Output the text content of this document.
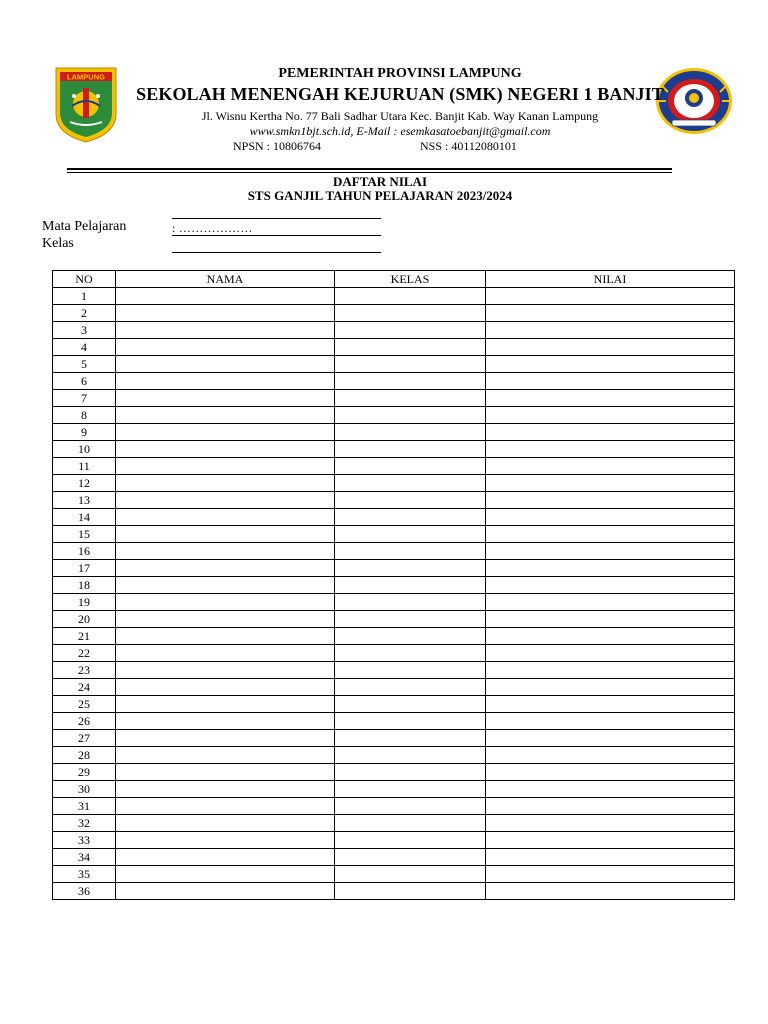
LAMPUNG	PEMERINTAH PROVINSI LAMPUNG
SEKOLAH MENENGAH KEJURUAN (SMK) NEGERI 1 BANJIT
Jl. Wisnu Kertha No. 77 Bali Sadhar Utara Kec. Banjit Kab. Way Kanan Lampung
www.smkn1bjt.sch.id, E-Mail : esemkasatoebanjit@gmail.com
NPSN : 10806764	NSS : 40112080101
DAFTAR NILAI
STS GANJIL TAHUN PELAJARAN 2023/2024
Mata Pelajaran	: ………………
Kelas
NO	NAMA	KELAS	NILAI
1			
2			
3			
4			
5			
6			
7			
8			
9			
10			
11			
12			
13			
14			
15			
16			
17			
18			
19			
20			
21			
22			
23			
24			
25			
26			
27			
28			
29			
30			
31			
32			
33			
34			
35			
36			
